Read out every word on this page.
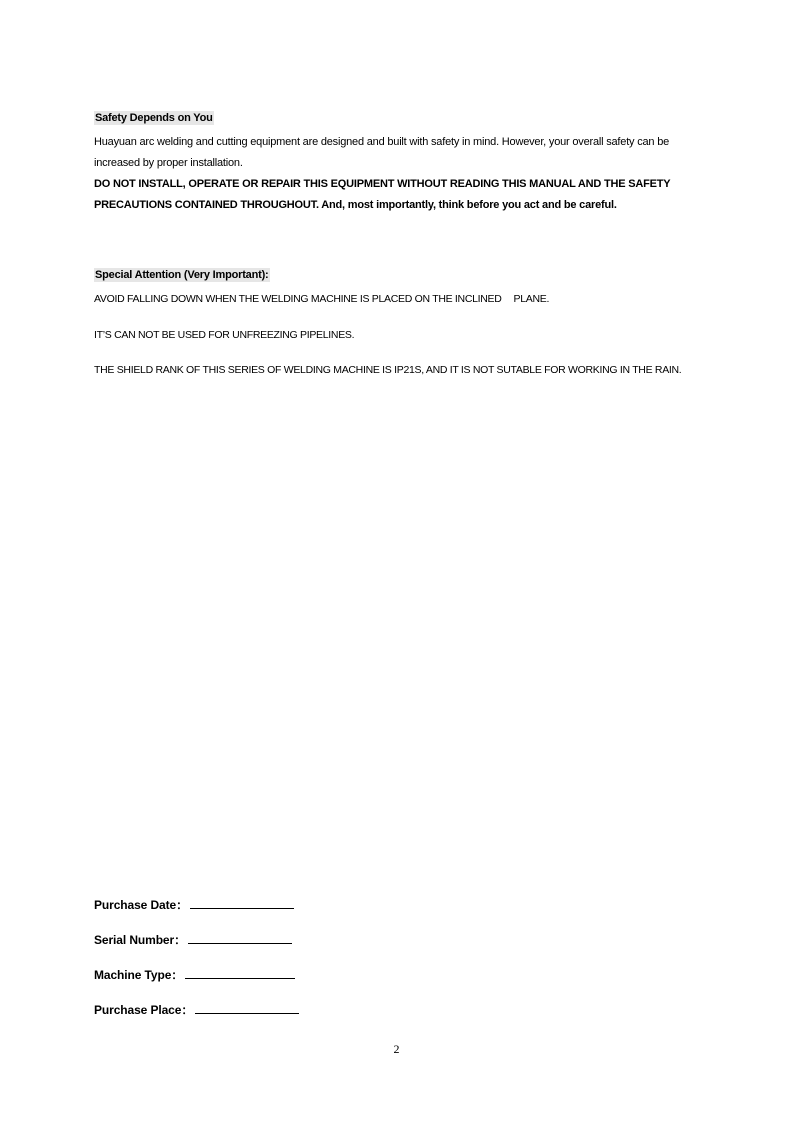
Safety Depends on You
Huayuan arc welding and cutting equipment are designed and built with safety in mind. However, your overall safety can be increased by proper installation.
DO NOT INSTALL, OPERATE OR REPAIR THIS EQUIPMENT WITHOUT READING THIS MANUAL AND THE SAFETY PRECAUTIONS CONTAINED THROUGHOUT. And, most importantly, think before you act and be careful.
Special Attention (Very Important):
AVOID FALLING DOWN WHEN THE WELDING MACHINE IS PLACED ON THE INCLINED PLANE.
IT’S CAN NOT BE USED FOR UNFREEZING PIPELINES.
THE SHIELD RANK OF THIS SERIES OF WELDING MACHINE IS IP21S, AND IT IS NOT SUTABLE FOR WORKING IN THE RAIN.
Purchase Date：
Serial Number：
Machine Type：
Purchase Place：
2
